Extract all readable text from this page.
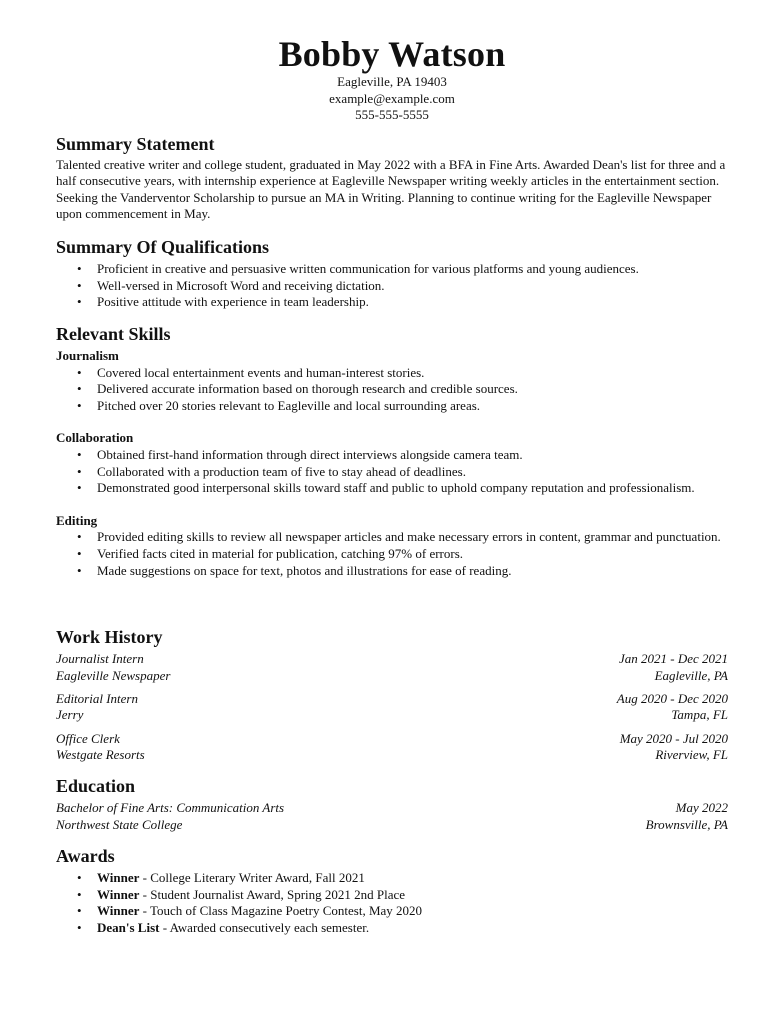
Bobby Watson
Eagleville, PA 19403
example@example.com
555-555-5555
Summary Statement
Talented creative writer and college student, graduated in May 2022 with a BFA in Fine Arts. Awarded Dean's list for three and a half consecutive years, with internship experience at Eagleville Newspaper writing weekly articles in the entertainment section. Seeking the Vanderventor Scholarship to pursue an MA in Writing. Planning to continue writing for the Eagleville Newspaper upon commencement in May.
Summary Of Qualifications
• Proficient in creative and persuasive written communication for various platforms and young audiences.
• Well-versed in Microsoft Word and receiving dictation.
• Positive attitude with experience in team leadership.
Relevant Skills
Journalism
• Covered local entertainment events and human-interest stories.
• Delivered accurate information based on thorough research and credible sources.
• Pitched over 20 stories relevant to Eagleville and local surrounding areas.
Collaboration
• Obtained first-hand information through direct interviews alongside camera team.
• Collaborated with a production team of five to stay ahead of deadlines.
• Demonstrated good interpersonal skills toward staff and public to uphold company reputation and professionalism.
Editing
• Provided editing skills to review all newspaper articles and make necessary errors in content, grammar and punctuation.
• Verified facts cited in material for publication, catching 97% of errors.
• Made suggestions on space for text, photos and illustrations for ease of reading.
Work History
Journalist Intern
Eagleville Newspaper
Jan 2021 - Dec 2021
Eagleville, PA
Editorial Intern
Jerry
Aug 2020 - Dec 2020
Tampa, FL
Office Clerk
Westgate Resorts
May 2020 - Jul 2020
Riverview, FL
Education
Bachelor of Fine Arts: Communication Arts
Northwest State College
May 2022
Brownsville, PA
Awards
• Winner - College Literary Writer Award, Fall 2021
• Winner - Student Journalist Award, Spring 2021 2nd Place
• Winner - Touch of Class Magazine Poetry Contest, May 2020
• Dean's List - Awarded consecutively each semester.
